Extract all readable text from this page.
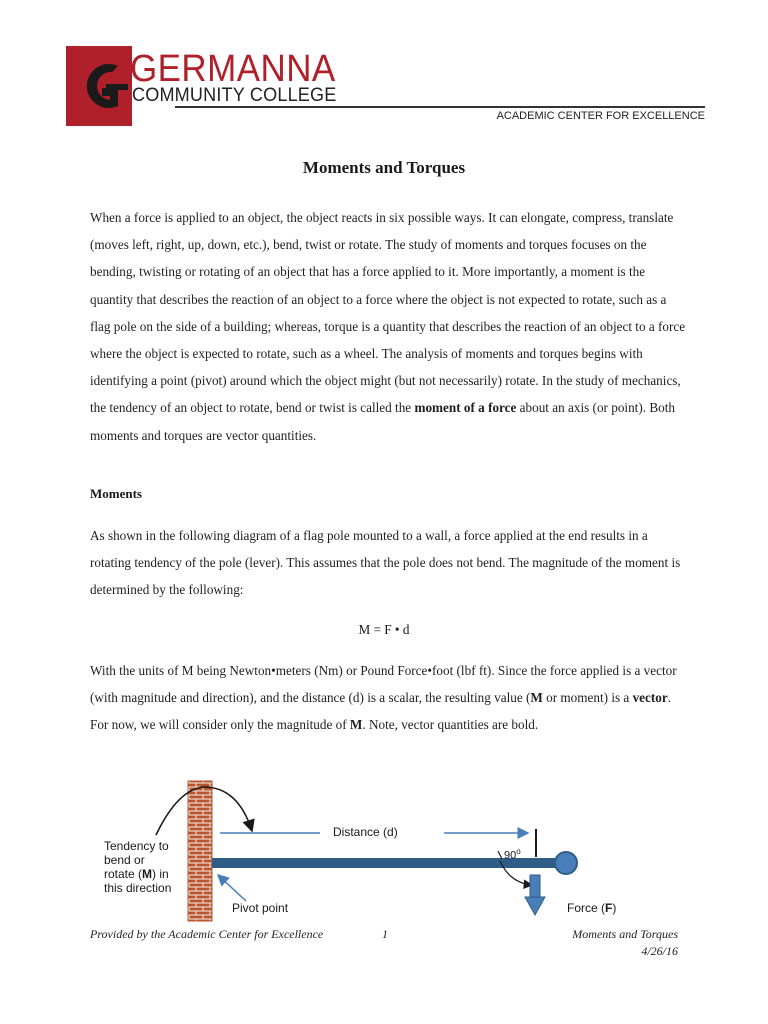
GERMANNA
COMMUNITY COLLEGE
ACADEMIC CENTER FOR EXCELLENCE
Moments and Torques

When a force is applied to an object, the object reacts in six possible ways. It can elongate, compress, translate (moves left, right, up, down, etc.), bend, twist or rotate. The study of moments and torques focuses on the bending, twisting or rotating of an object that has a force applied to it. More importantly, a moment is the quantity that describes the reaction of an object to a force where the object is not expected to rotate, such as a flag pole on the side of a building; whereas, torque is a quantity that describes the reaction of an object to a force where the object is expected to rotate, such as a wheel. The analysis of moments and torques begins with identifying a point (pivot) around which the object might (but not necessarily) rotate. In the study of mechanics, the tendency of an object to rotate, bend or twist is called the moment of a force about an axis (or point). Both moments and torques are vector quantities.

Moments

As shown in the following diagram of a flag pole mounted to a wall, a force applied at the end results in a rotating tendency of the pole (lever). This assumes that the pole does not bend. The magnitude of the moment is determined by the following:

M = F • d

With the units of M being Newton•meters (Nm) or Pound Force•foot (lbf ft). Since the force applied is a vector (with magnitude and direction), and the distance (d) is a scalar, the resulting value (M or moment) is a vector. For now, we will consider only the magnitude of M. Note, vector quantities are bold.

Tendency to
bend or
rotate (M) in
this direction
Distance (d)
90$^o$
Pivot point	Force (F)
Provided by the Academic Center for Excellence	1	Moments and Torques
4/26/16
